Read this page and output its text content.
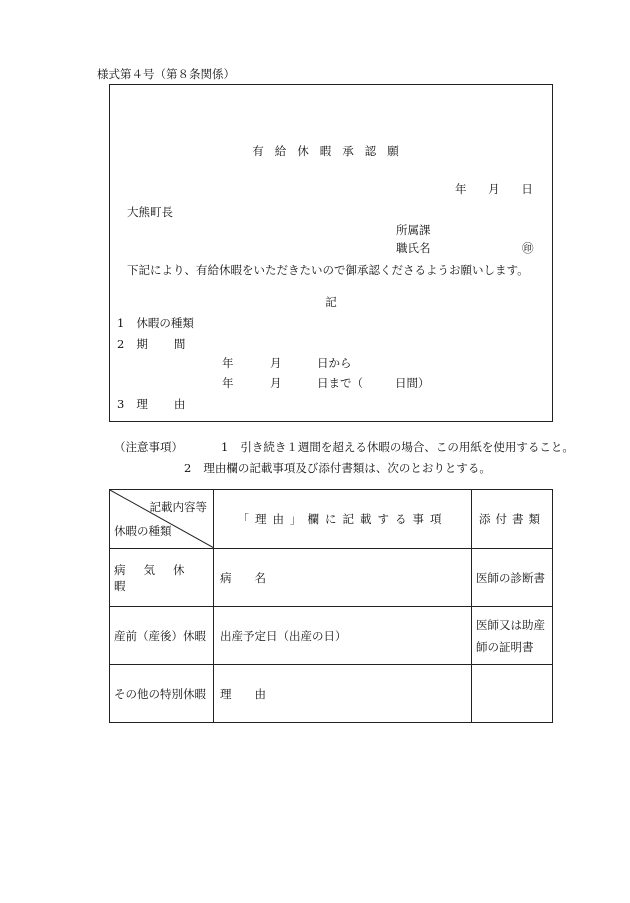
様式第４号（第８条関係）
有給休暇承認願
年 月 日
大熊町長
所属課
職氏名	㊞
下記により、有給休暇をいただきたいので御承認くださるようお願いします。
記
1 休暇の種類
2 期間
年	月	日から
年	月	日まで（	日間）
3 理由
（注意事項）	1 引き続き１週間を超える休暇の場合、この用紙を使用すること。
2 理由欄の記載事項及び添付書類は、次のとおりとする。
記載内容等
休暇の種類	「理由」欄に記載する事項	添付書類
病気休暇	病　　名	医師の診断書
産前（産後）休暇	出産予定日（出産の日）	医師又は助産師の証明書
その他の特別休暇	理　　由	
